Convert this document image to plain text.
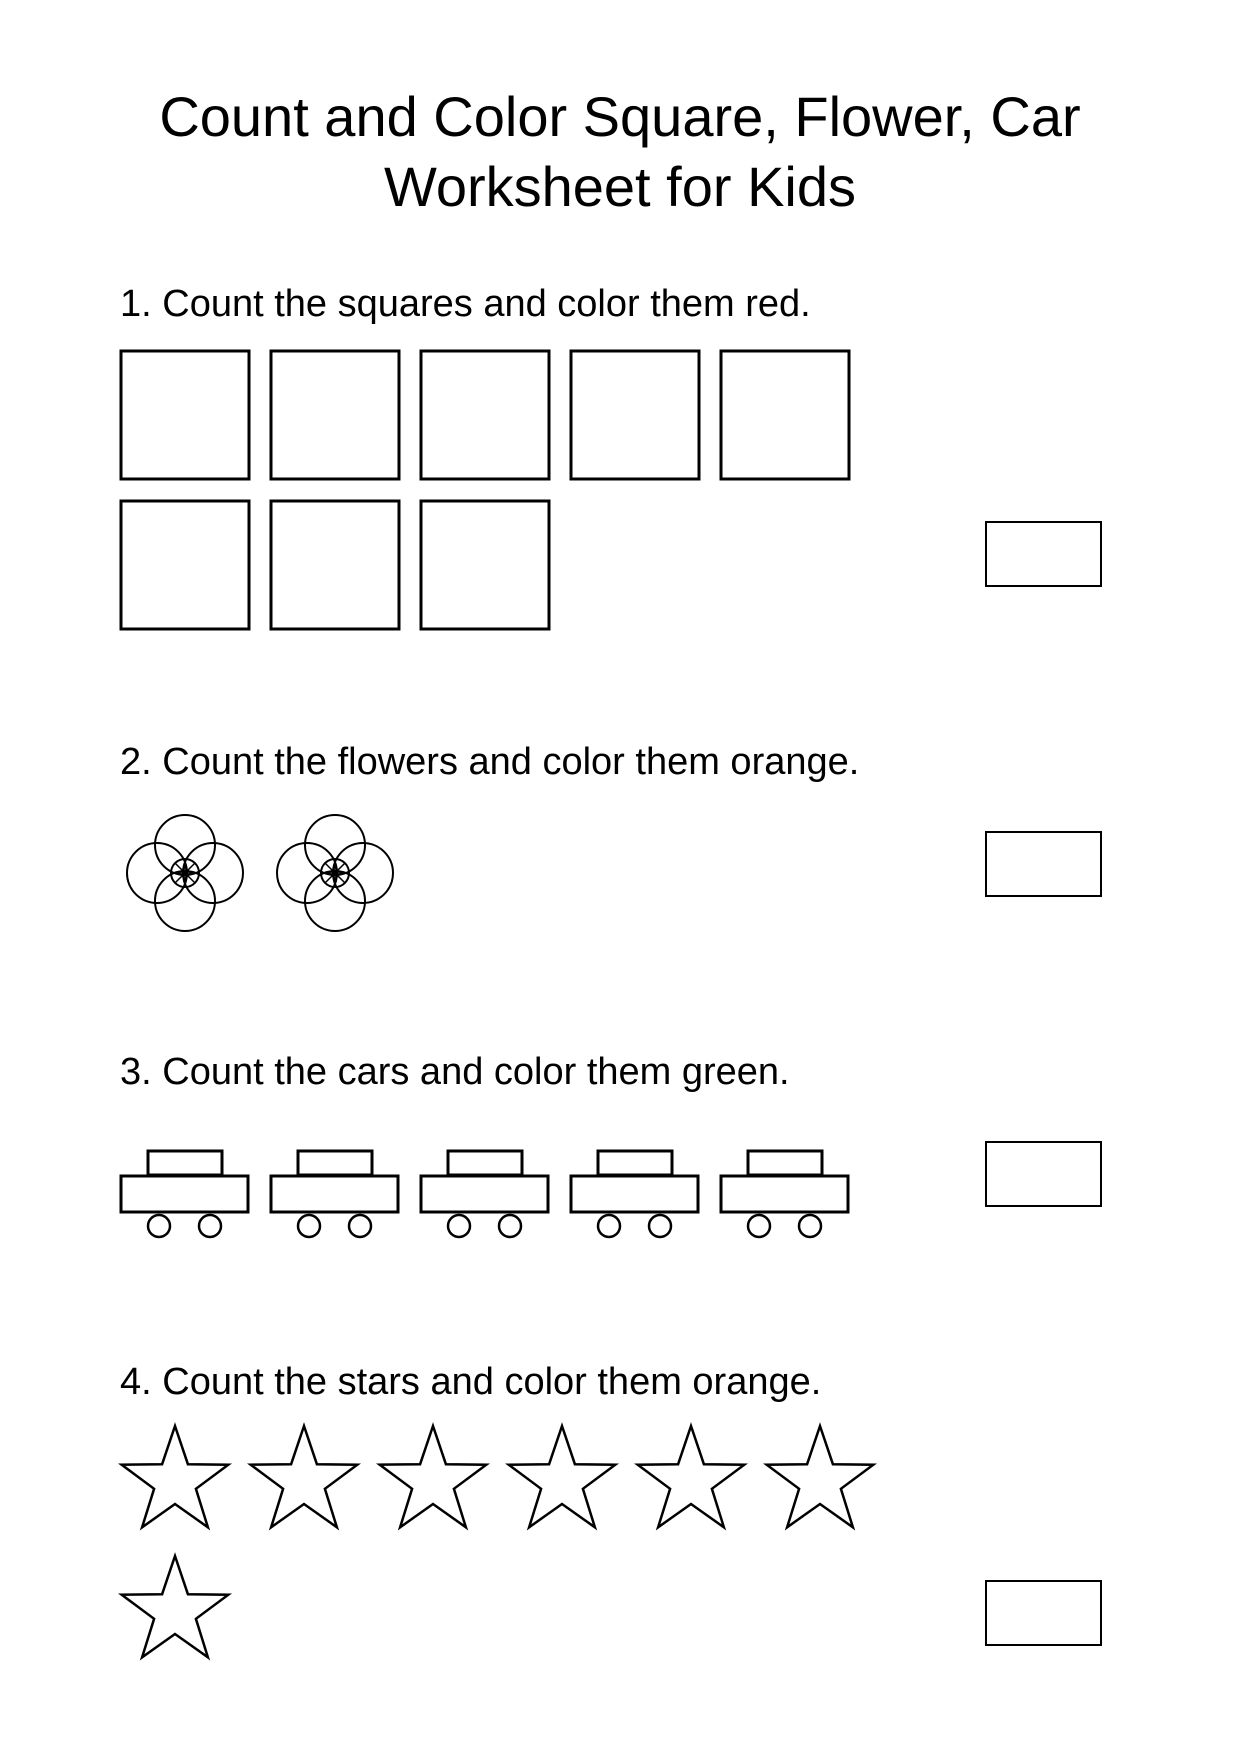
Count and Color Square, Flower, Car
Worksheet for Kids

1. Count the squares and color them red.

2. Count the flowers and color them orange.

3. Count the cars and color them green.

4. Count the stars and color them orange.
